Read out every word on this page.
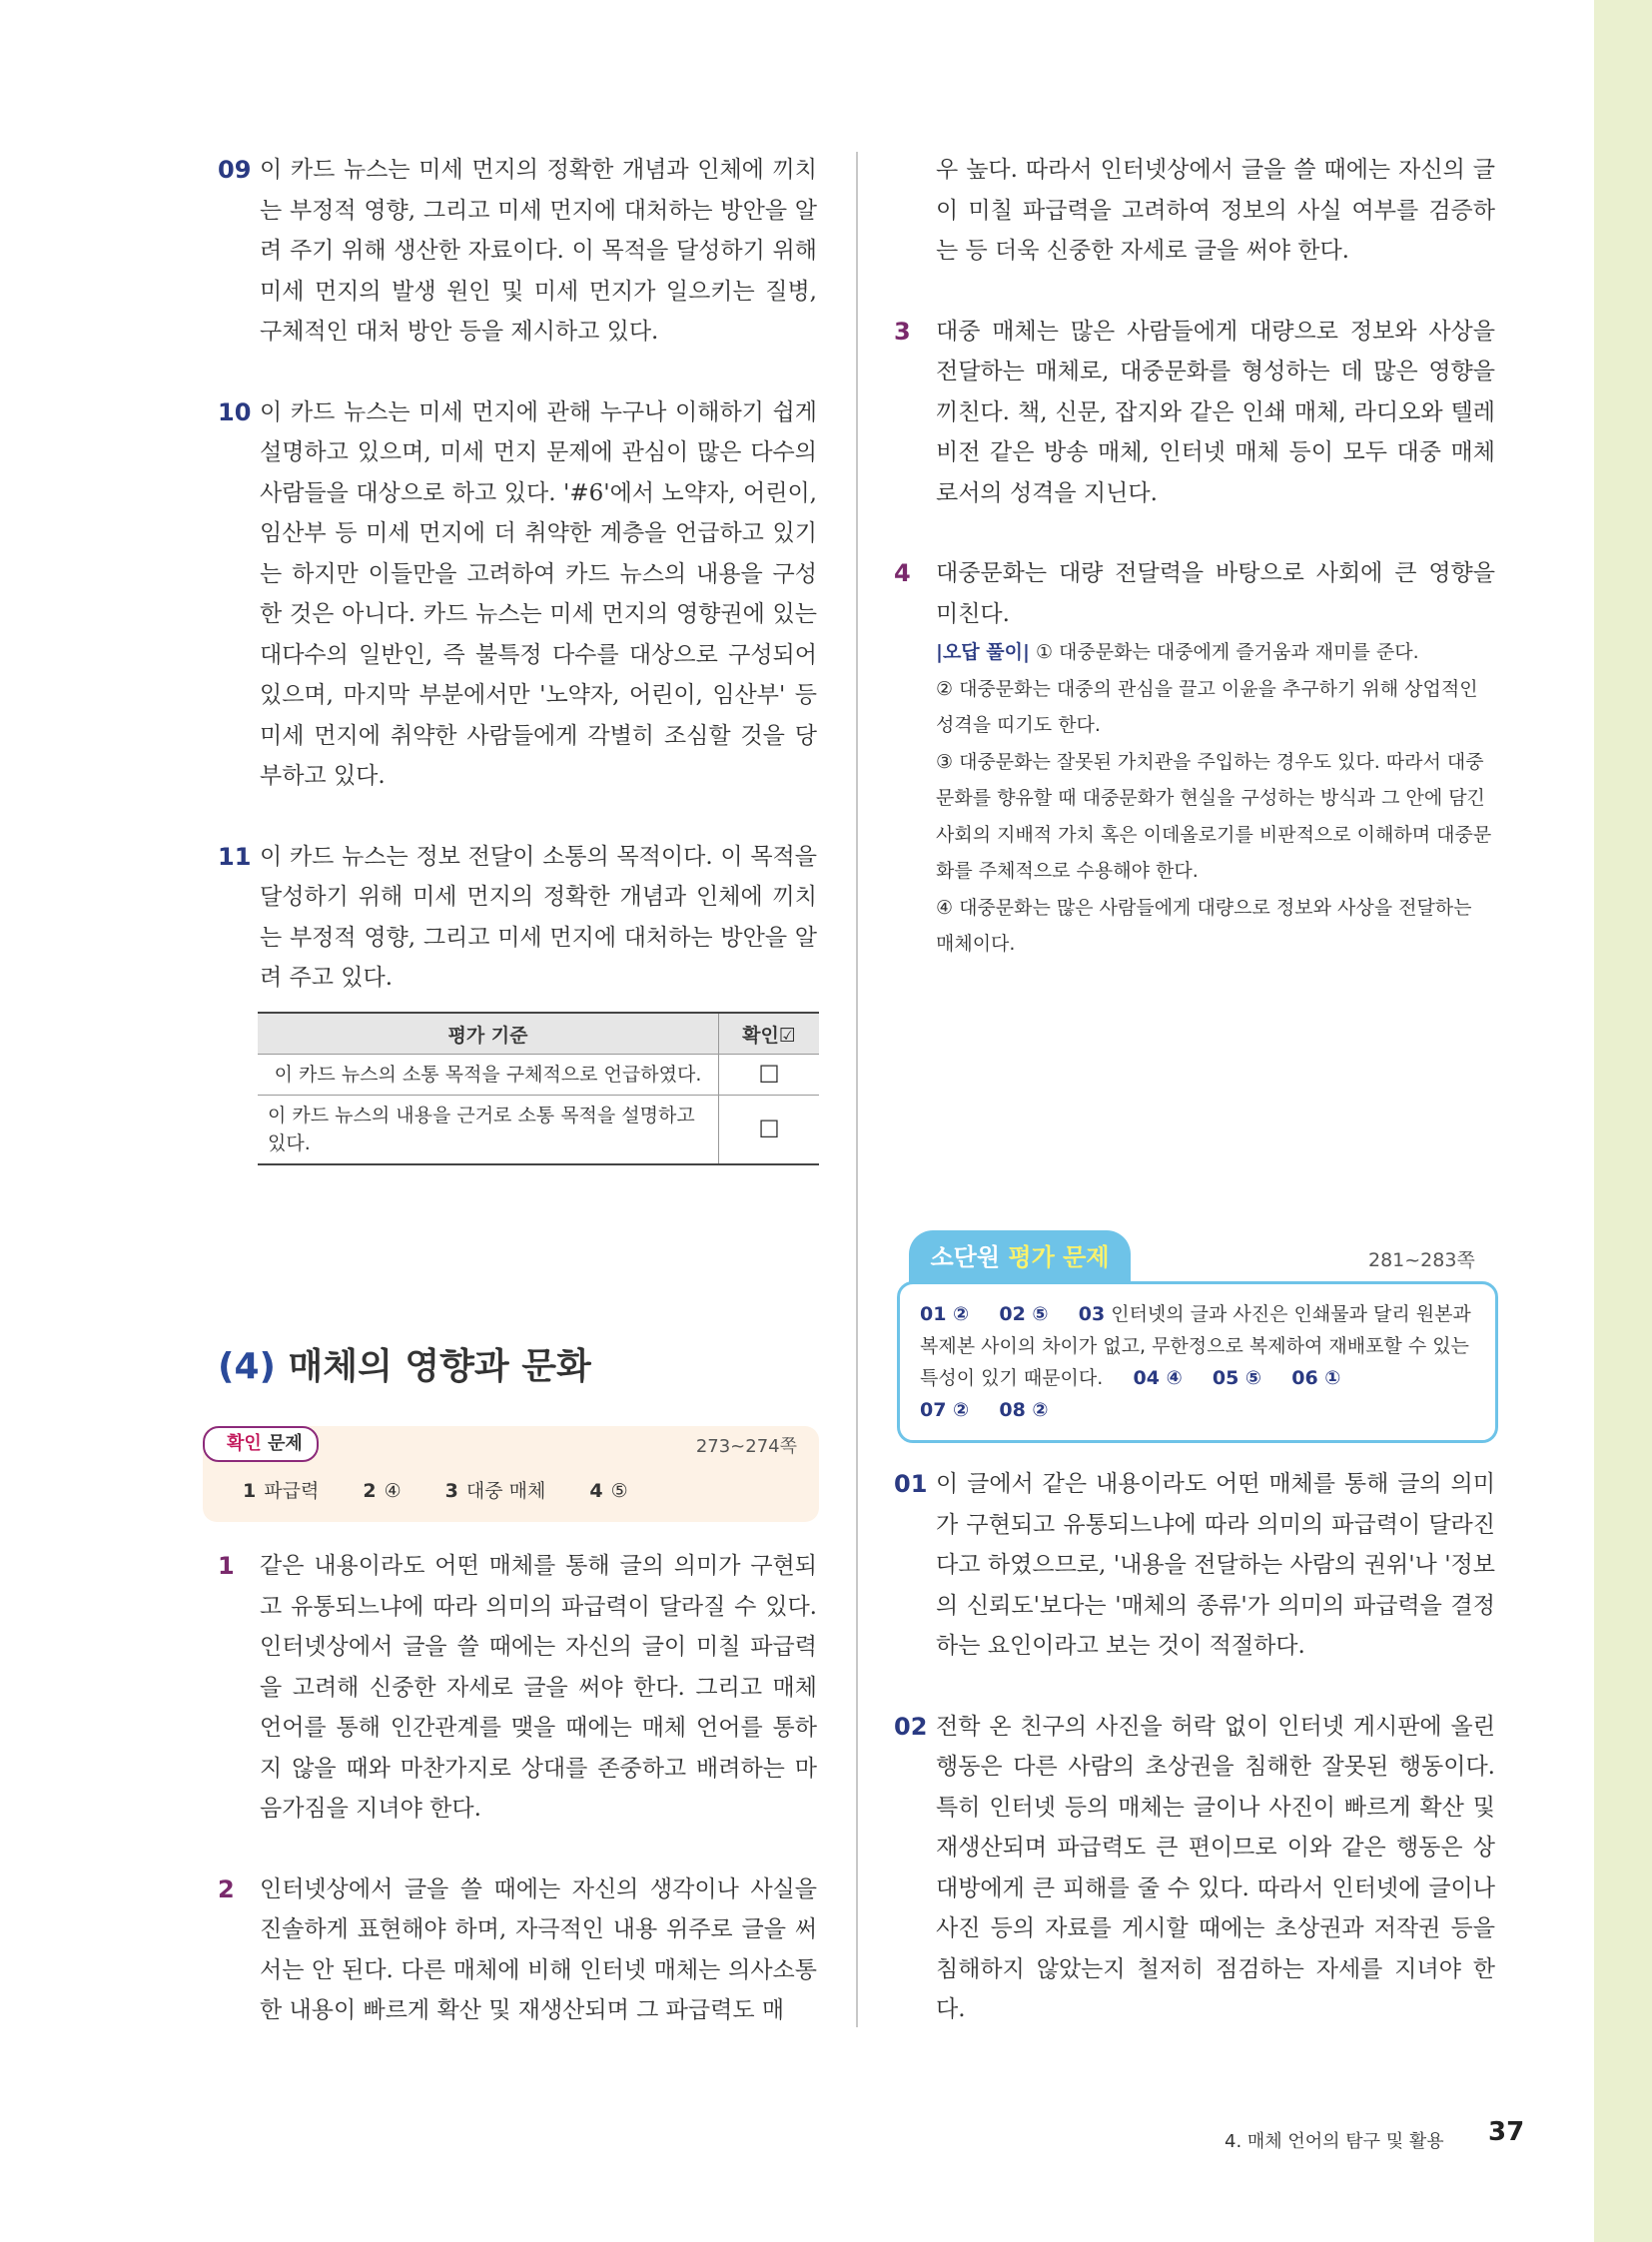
09 이 카드 뉴스는 미세 먼지의 정확한 개념과 인체에 끼치는 부정적 영향, 그리고 미세 먼지에 대처하는 방안을 알려 주기 위해 생산한 자료이다. 이 목적을 달성하기 위해 미세 먼지의 발생 원인 및 미세 먼지가 일으키는 질병, 구체적인 대처 방안 등을 제시하고 있다.
10 이 카드 뉴스는 미세 먼지에 관해 누구나 이해하기 쉽게 설명하고 있으며, 미세 먼지 문제에 관심이 많은 다수의 사람들을 대상으로 하고 있다. '#6'에서 노약자, 어린이, 임산부 등 미세 먼지에 더 취약한 계층을 언급하고 있기는 하지만 이들만을 고려하여 카드 뉴스의 내용을 구성한 것은 아니다. 카드 뉴스는 미세 먼지의 영향권에 있는 대다수의 일반인, 즉 불특정 다수를 대상으로 구성되어 있으며, 마지막 부분에서만 '노약자, 어린이, 임산부' 등 미세 먼지에 취약한 사람들에게 각별히 조심할 것을 당부하고 있다.
11 이 카드 뉴스는 정보 전달이 소통의 목적이다. 이 목적을 달성하기 위해 미세 먼지의 정확한 개념과 인체에 끼치는 부정적 영향, 그리고 미세 먼지에 대처하는 방안을 알려 주고 있다.
평가 기준	확인☑
이 카드 뉴스의 소통 목적을 구체적으로 언급하였다.	☐
이 카드 뉴스의 내용을 근거로 소통 목적을 설명하고 있다.	☐
(4) 매체의 영향과 문화
확인 문제	273~274쪽
1 파급력 2 ④ 3 대중 매체 4 ⑤
1 같은 내용이라도 어떤 매체를 통해 글의 의미가 구현되고 유통되느냐에 따라 의미의 파급력이 달라질 수 있다. 인터넷상에서 글을 쓸 때에는 자신의 글이 미칠 파급력을 고려해 신중한 자세로 글을 써야 한다. 그리고 매체 언어를 통해 인간관계를 맺을 때에는 매체 언어를 통하지 않을 때와 마찬가지로 상대를 존중하고 배려하는 마음가짐을 지녀야 한다.
2 인터넷상에서 글을 쓸 때에는 자신의 생각이나 사실을 진솔하게 표현해야 하며, 자극적인 내용 위주로 글을 써서는 안 된다. 다른 매체에 비해 인터넷 매체는 의사소통한 내용이 빠르게 확산 및 재생산되며 그 파급력도 매
우 높다. 따라서 인터넷상에서 글을 쓸 때에는 자신의 글이 미칠 파급력을 고려하여 정보의 사실 여부를 검증하는 등 더욱 신중한 자세로 글을 써야 한다.
3 대중 매체는 많은 사람들에게 대량으로 정보와 사상을 전달하는 매체로, 대중문화를 형성하는 데 많은 영향을 끼친다. 책, 신문, 잡지와 같은 인쇄 매체, 라디오와 텔레비전 같은 방송 매체, 인터넷 매체 등이 모두 대중 매체로서의 성격을 지닌다.
4 대중문화는 대량 전달력을 바탕으로 사회에 큰 영향을 미친다.
|오답 풀이| ① 대중문화는 대중에게 즐거움과 재미를 준다.
② 대중문화는 대중의 관심을 끌고 이윤을 추구하기 위해 상업적인 성격을 띠기도 한다.
③ 대중문화는 잘못된 가치관을 주입하는 경우도 있다. 따라서 대중문화를 향유할 때 대중문화가 현실을 구성하는 방식과 그 안에 담긴 사회의 지배적 가치 혹은 이데올로기를 비판적으로 이해하며 대중문화를 주체적으로 수용해야 한다.
④ 대중문화는 많은 사람들에게 대량으로 정보와 사상을 전달하는 매체이다.
소단원 평가 문제	281~283쪽
01 ② 02 ⑤ 03 인터넷의 글과 사진은 인쇄물과 달리 원본과 복제본 사이의 차이가 없고, 무한정으로 복제하여 재배포할 수 있는 특성이 있기 때문이다. 04 ④ 05 ⑤ 06 ①
07 ② 08 ②
01 이 글에서 같은 내용이라도 어떤 매체를 통해 글의 의미가 구현되고 유통되느냐에 따라 의미의 파급력이 달라진다고 하였으므로, '내용을 전달하는 사람의 권위'나 '정보의 신뢰도'보다는 '매체의 종류'가 의미의 파급력을 결정하는 요인이라고 보는 것이 적절하다.
02 전학 온 친구의 사진을 허락 없이 인터넷 게시판에 올린 행동은 다른 사람의 초상권을 침해한 잘못된 행동이다. 특히 인터넷 등의 매체는 글이나 사진이 빠르게 확산 및 재생산되며 파급력도 큰 편이므로 이와 같은 행동은 상대방에게 큰 피해를 줄 수 있다. 따라서 인터넷에 글이나 사진 등의 자료를 게시할 때에는 초상권과 저작권 등을 침해하지 않았는지 철저히 점검하는 자세를 지녀야 한다.
4. 매체 언어의 탐구 및 활용 37
